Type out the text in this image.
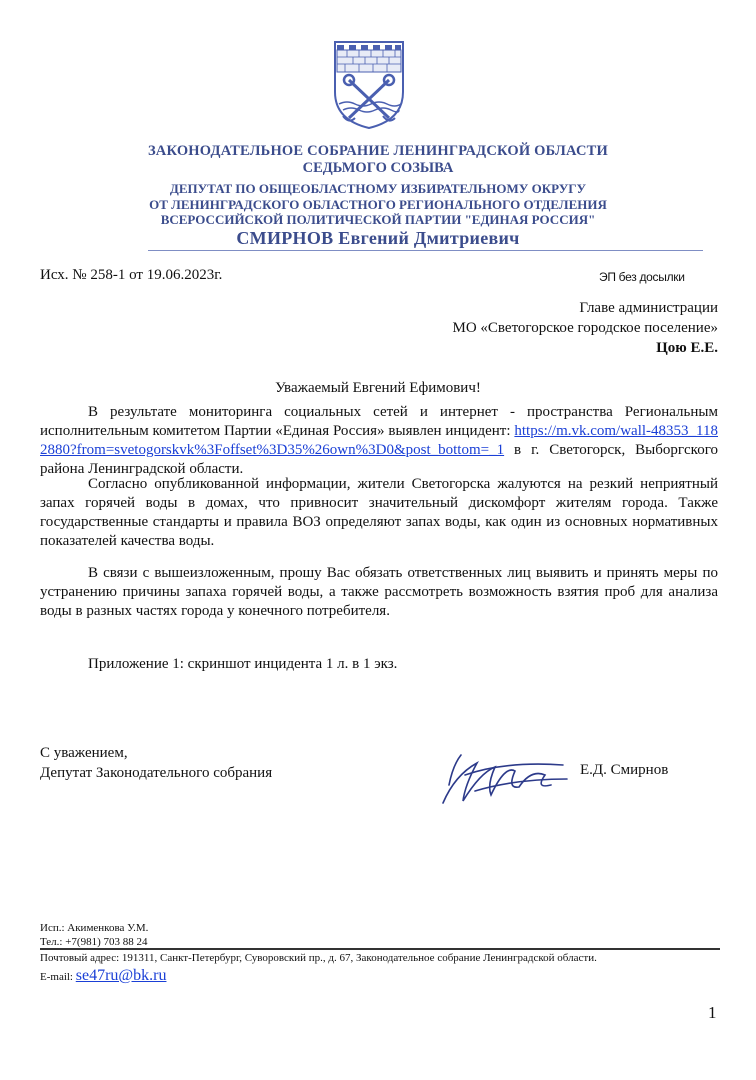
ЗАКОНОДАТЕЛЬНОЕ СОБРАНИЕ ЛЕНИНГРАДСКОЙ ОБЛАСТИ
СЕДЬМОГО СОЗЫВА
ДЕПУТАТ ПО ОБЩЕОБЛАСТНОМУ ИЗБИРАТЕЛЬНОМУ ОКРУГУ
ОТ ЛЕНИНГРАДСКОГО ОБЛАСТНОГО РЕГИОНАЛЬНОГО ОТДЕЛЕНИЯ
ВСЕРОССИЙСКОЙ ПОЛИТИЧЕСКОЙ ПАРТИИ "ЕДИНАЯ РОССИЯ"
СМИРНОВ Евгений Дмитриевич
Исх. № 258-1 от 19.06.2023г.	ЭП без досылки
Главе администрации
МО «Светогорское городское поселение»
Цою Е.Е.
Уважаемый Евгений Ефимович!
В результате мониторинга социальных сетей и интернет - пространства Региональным исполнительным комитетом Партии «Единая Россия» выявлен инцидент: https://m.vk.com/wall-48353_1182880?from=svetogorskvk%3Foffset%3D35%26own%3D0&post_bottom=_1 в г. Светогорск, Выборгского района Ленинградской области.
Согласно опубликованной информации, жители Светогорска жалуются на резкий неприятный запах горячей воды в домах, что привносит значительный дискомфорт жителям города. Также государственные стандарты и правила ВОЗ определяют запах воды, как один из основных нормативных показателей качества воды.
В связи с вышеизложенным, прошу Вас обязать ответственных лиц выявить и принять меры по устранению причины запаха горячей воды, а также рассмотреть возможность взятия проб для анализа воды в разных частях города у конечного потребителя.
Приложение 1: скриншот инцидента 1 л. в 1 экз.
С уважением,
Депутат Законодательного собрания	Е.Д. Смирнов
Исп.: Акименкова У.М.
Тел.: +7(981) 703 88 24
Почтовый адрес: 191311, Санкт-Петербург, Суворовский пр., д. 67, Законодательное собрание Ленинградской области.
E-mail: se47ru@bk.ru
1
